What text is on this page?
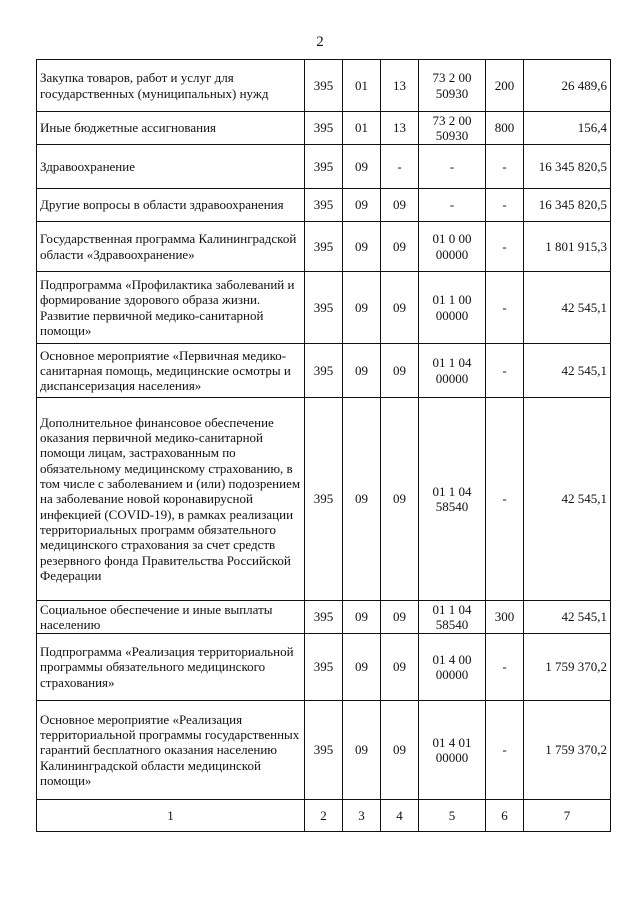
2
Закупка товаров, работ и услуг для государственных (муниципальных) нужд	395	01	13	73 2 00 50930	200	26 489,6
Иные бюджетные ассигнования	395	01	13	73 2 00 50930	800	156,4
Здравоохранение	395	09	-	-	-	16 345 820,5
Другие вопросы в области здравоохранения	395	09	09	-	-	16 345 820,5
Государственная программа Калининградской области «Здравоохранение»	395	09	09	01 0 00 00000	-	1 801 915,3
Подпрограмма «Профилактика заболеваний и формирование здорового образа жизни. Развитие первичной медико-санитарной помощи»	395	09	09	01 1 00 00000	-	42 545,1
Основное мероприятие «Первичная медико-санитарная помощь, медицинские осмотры и диспансеризация населения»	395	09	09	01 1 04 00000	-	42 545,1
Дополнительное финансовое обеспечение оказания первичной медико-санитарной помощи лицам, застрахованным по обязательному медицинскому страхованию, в том числе с заболеванием и (или) подозрением на заболевание новой коронавирусной инфекцией (COVID-19), в рамках реализации территориальных программ обязательного медицинского страхования за счет средств резервного фонда Правительства Российской Федерации	395	09	09	01 1 04 58540	-	42 545,1
Социальное обеспечение и иные выплаты населению	395	09	09	01 1 04 58540	300	42 545,1
Подпрограмма «Реализация территориальной программы обязательного медицинского страхования»	395	09	09	01 4 00 00000	-	1 759 370,2
Основное мероприятие «Реализация территориальной программы государственных гарантий бесплатного оказания населению Калининградской области медицинской помощи»	395	09	09	01 4 01 00000	-	1 759 370,2
1	2	3	4	5	6	7
